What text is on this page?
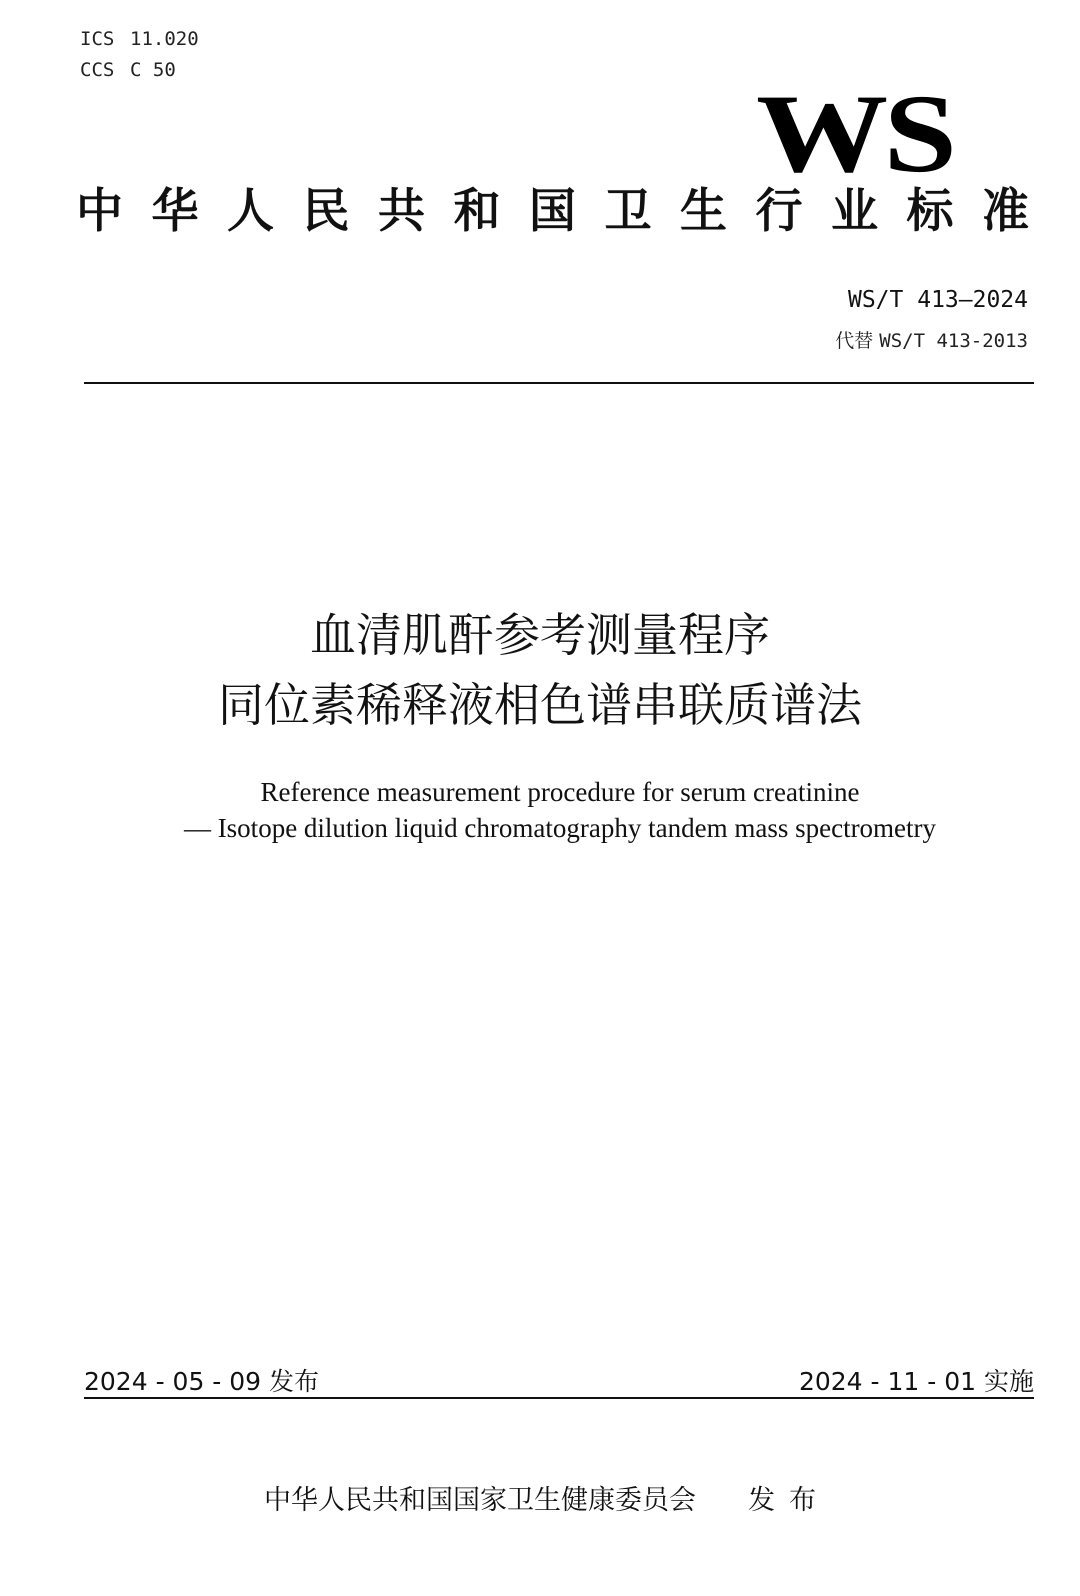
ICS 11.020
CCS C 50
WS
中华人民共和国卫生行业标准
WS/T 413—2024
代替 WS/T 413-2013
血清肌酐参考测量程序
同位素稀释液相色谱串联质谱法
Reference measurement procedure for serum creatinine
— Isotope dilution liquid chromatography tandem mass spectrometry
2024 - 05 - 09 发布	2024 - 11 - 01 实施
中华人民共和国国家卫生健康委员会 发布
